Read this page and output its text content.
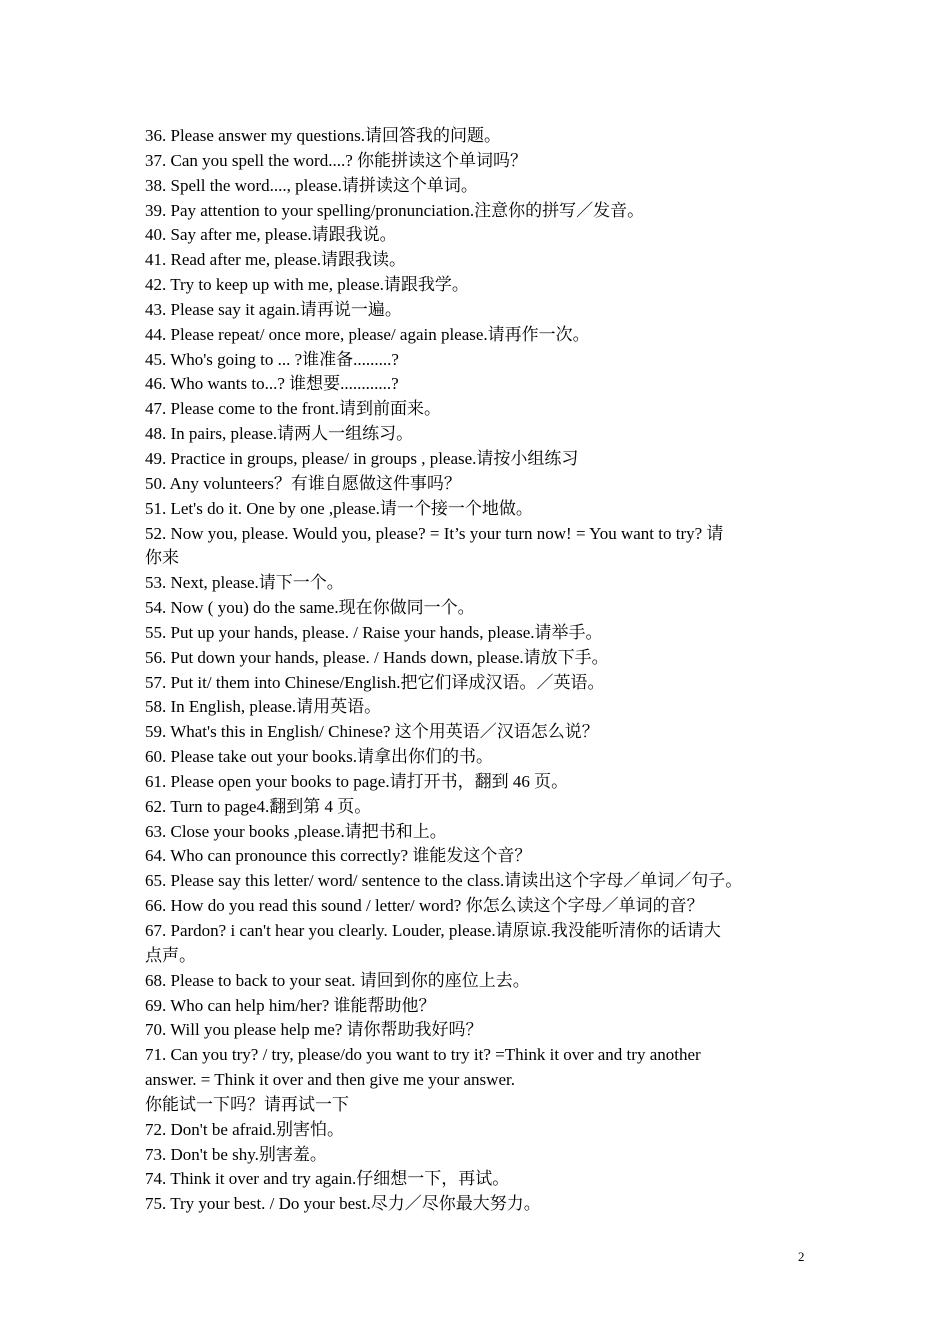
36. Please answer my questions.请回答我的问题。
37. Can you spell the word....? 你能拼读这个单词吗？
38. Spell the word...., please.请拼读这个单词。
39. Pay attention to your spelling/pronunciation.注意你的拼写／发音。
40. Say after me, please.请跟我说。
41. Read after me, please.请跟我读。
42. Try to keep up with me, please.请跟我学。
43. Please say it again.请再说一遍。
44. Please repeat/ once more, please/ again please.请再作一次。
45. Who's going to ... ?谁准备.........?
46. Who wants to...? 谁想要............?
47. Please come to the front.请到前面来。
48. In pairs, please.请两人一组练习。
49. Practice in groups, please/ in groups , please.请按小组练习
50. Any volunteers？有谁自愿做这件事吗？
51. Let's do it. One by one ,please.请一个接一个地做。
52. Now you, please. Would you, please? = It’s your turn now! = You want to try? 请
你来
53. Next, please.请下一个。
54. Now ( you) do the same.现在你做同一个。
55. Put up your hands, please. / Raise your hands, please.请举手。
56. Put down your hands, please. / Hands down, please.请放下手。
57. Put it/ them into Chinese/English.把它们译成汉语。／英语。
58. In English, please.请用英语。
59. What's this in English/ Chinese? 这个用英语／汉语怎么说？
60. Please take out your books.请拿出你们的书。
61. Please open your books to page.请打开书，翻到 46 页。
62. Turn to page4.翻到第 4 页。
63. Close your books ,please.请把书和上。
64. Who can pronounce this correctly? 谁能发这个音？
65. Please say this letter/ word/ sentence to the class.请读出这个字母／单词／句子。
66. How do you read this sound / letter/ word? 你怎么读这个字母／单词的音？
67. Pardon? i can't hear you clearly. Louder, please.请原谅.我没能听清你的话请大
点声。
68. Please to back to your seat. 请回到你的座位上去。
69. Who can help him/her? 谁能帮助他？
70. Will you please help me? 请你帮助我好吗？
71. Can you try? / try, please/do you want to try it? =Think it over and try another
answer. = Think it over and then give me your answer.
你能试一下吗？请再试一下
72. Don't be afraid.别害怕。
73. Don't be shy.别害羞。
74. Think it over and try again.仔细想一下，再试。
75. Try your best. / Do your best.尽力／尽你最大努力。
2
